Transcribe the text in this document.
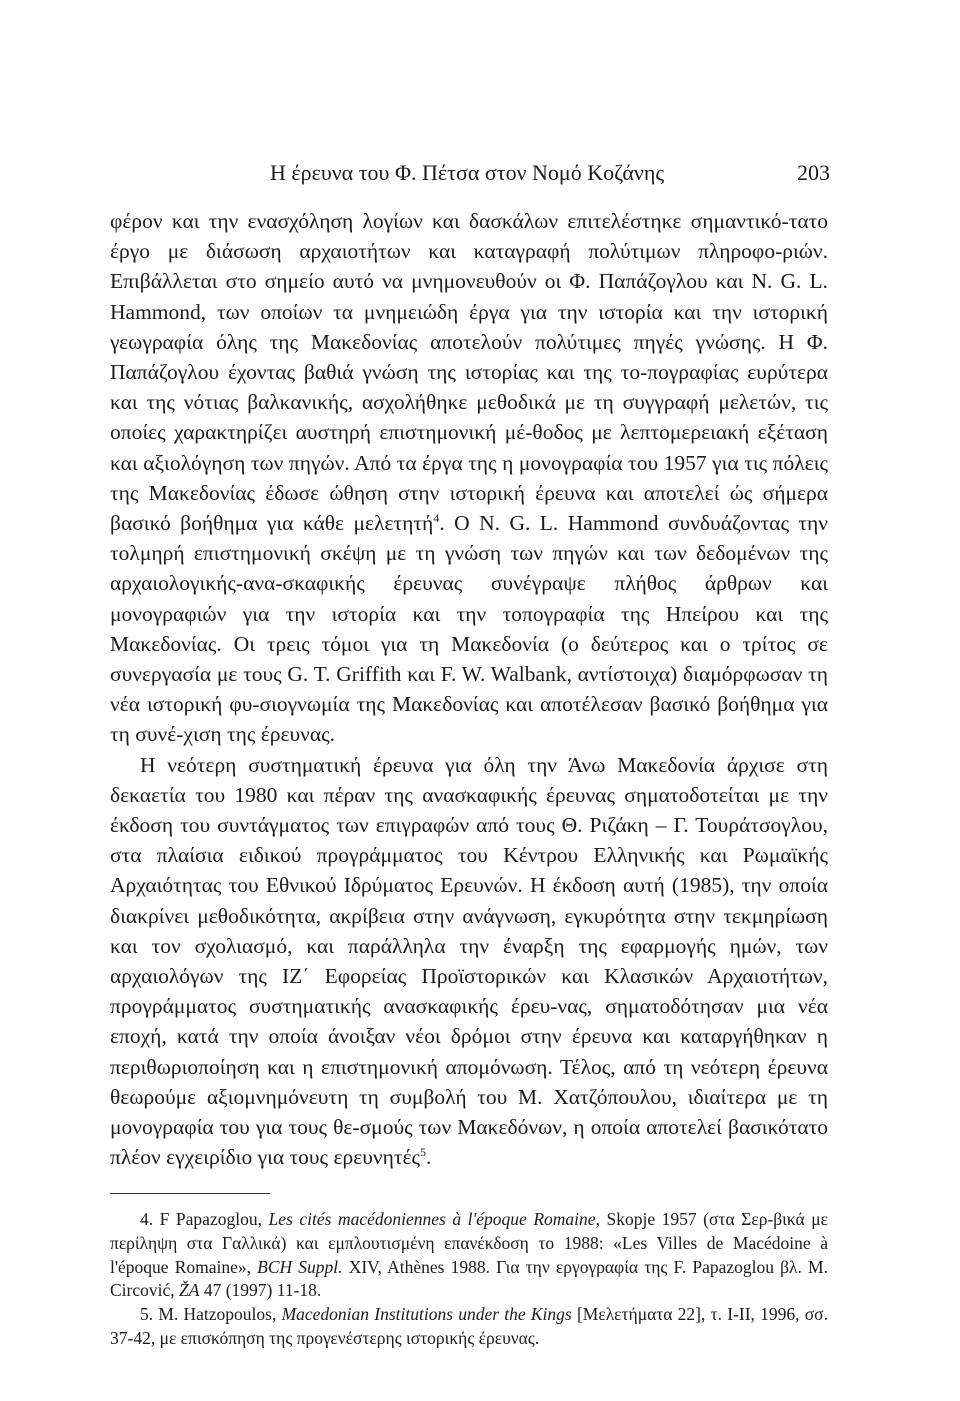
Η έρευνα του Φ. Πέτσα στον Νομό Κοζάνης	203

φέρον και την ενασχόληση λογίων και δασκάλων επιτελέστηκε σημαντικό-τατο έργο με διάσωση αρχαιοτήτων και καταγραφή πολύτιμων πληροφο-ριών. Επιβάλλεται στο σημείο αυτό να μνημονευθούν οι Φ. Παπάζογλου και N. G. L. Hammond, των οποίων τα μνημειώδη έργα για την ιστορία και την ιστορική γεωγραφία όλης της Μακεδονίας αποτελούν πολύτιμες πηγές γνώσης. Η Φ. Παπάζογλου έχοντας βαθιά γνώση της ιστορίας και της το-πογραφίας ευρύτερα και της νότιας βαλκανικής, ασχολήθηκε μεθοδικά με τη συγγραφή μελετών, τις οποίες χαρακτηρίζει αυστηρή επιστημονική μέ-θοδος με λεπτομερειακή εξέταση και αξιολόγηση των πηγών. Από τα έργα της η μονογραφία του 1957 για τις πόλεις της Μακεδονίας έδωσε ώθηση στην ιστορική έρευνα και αποτελεί ώς σήμερα βασικό βοήθημα για κάθε μελετητή$^4$. Ο N. G. L. Hammond συνδυάζοντας την τολμηρή επιστημονική σκέψη με τη γνώση των πηγών και των δεδομένων της αρχαιολογικής-ανα-σκαφικής έρευνας συνέγραψε πλήθος άρθρων και μονογραφιών για την ιστορία και την τοπογραφία της Ηπείρου και της Μακεδονίας. Οι τρεις τόμοι για τη Μακεδονία (ο δεύτερος και ο τρίτος σε συνεργασία με τους G. T. Griffith και F. W. Walbank, αντίστοιχα) διαμόρφωσαν τη νέα ιστορική φυ-σιογνωμία της Μακεδονίας και αποτέλεσαν βασικό βοήθημα για τη συνέ-χιση της έρευνας.

Η νεότερη συστηματική έρευνα για όλη την Άνω Μακεδονία άρχισε στη δεκαετία του 1980 και πέραν της ανασκαφικής έρευνας σηματοδοτείται με την έκδοση του συντάγματος των επιγραφών από τους Θ. Ριζάκη – Γ. Τουράτσογλου, στα πλαίσια ειδικού προγράμματος του Κέντρου Ελληνικής και Ρωμαϊκής Αρχαιότητας του Εθνικού Ιδρύματος Ερευνών. Η έκδοση αυτή (1985), την οποία διακρίνει μεθοδικότητα, ακρίβεια στην ανάγνωση, εγκυρότητα στην τεκμηρίωση και τον σχολιασμό, και παράλληλα την έναρξη της εφαρμογής ημών, των αρχαιολόγων της ΙΖ΄ Εφορείας Προϊστορικών και Κλασικών Αρχαιοτήτων, προγράμματος συστηματικής ανασκαφικής έρευ-νας, σηματοδότησαν μια νέα εποχή, κατά την οποία άνοιξαν νέοι δρόμοι στην έρευνα και καταργήθηκαν η περιθωριοποίηση και η επιστημονική απομόνωση. Τέλος, από τη νεότερη έρευνα θεωρούμε αξιομνημόνευτη τη συμβολή του Μ. Χατζόπουλου, ιδιαίτερα με τη μονογραφία του για τους θε-σμούς των Μακεδόνων, η οποία αποτελεί βασικότατο πλέον εγχειρίδιο για τους ερευνητές$^5$.

4. F Papazoglou, Les cités macédoniennes à l'époque Romaine, Skopje 1957 (στα Σερ-βικά με περίληψη στα Γαλλικά) και εμπλουτισμένη επανέκδοση το 1988: «Les Villes de Macédoine à l'époque Romaine», BCH Suppl. XIV, Athènes 1988. Για την εργογραφία της F. Papazoglou βλ. M. Circović, ŽA 47 (1997) 11-18.

5. M. Hatzopoulos, Macedonian Institutions under the Kings [Μελετήματα 22], τ. I-II, 1996, σσ. 37-42, με επισκόπηση της προγενέστερης ιστορικής έρευνας.
